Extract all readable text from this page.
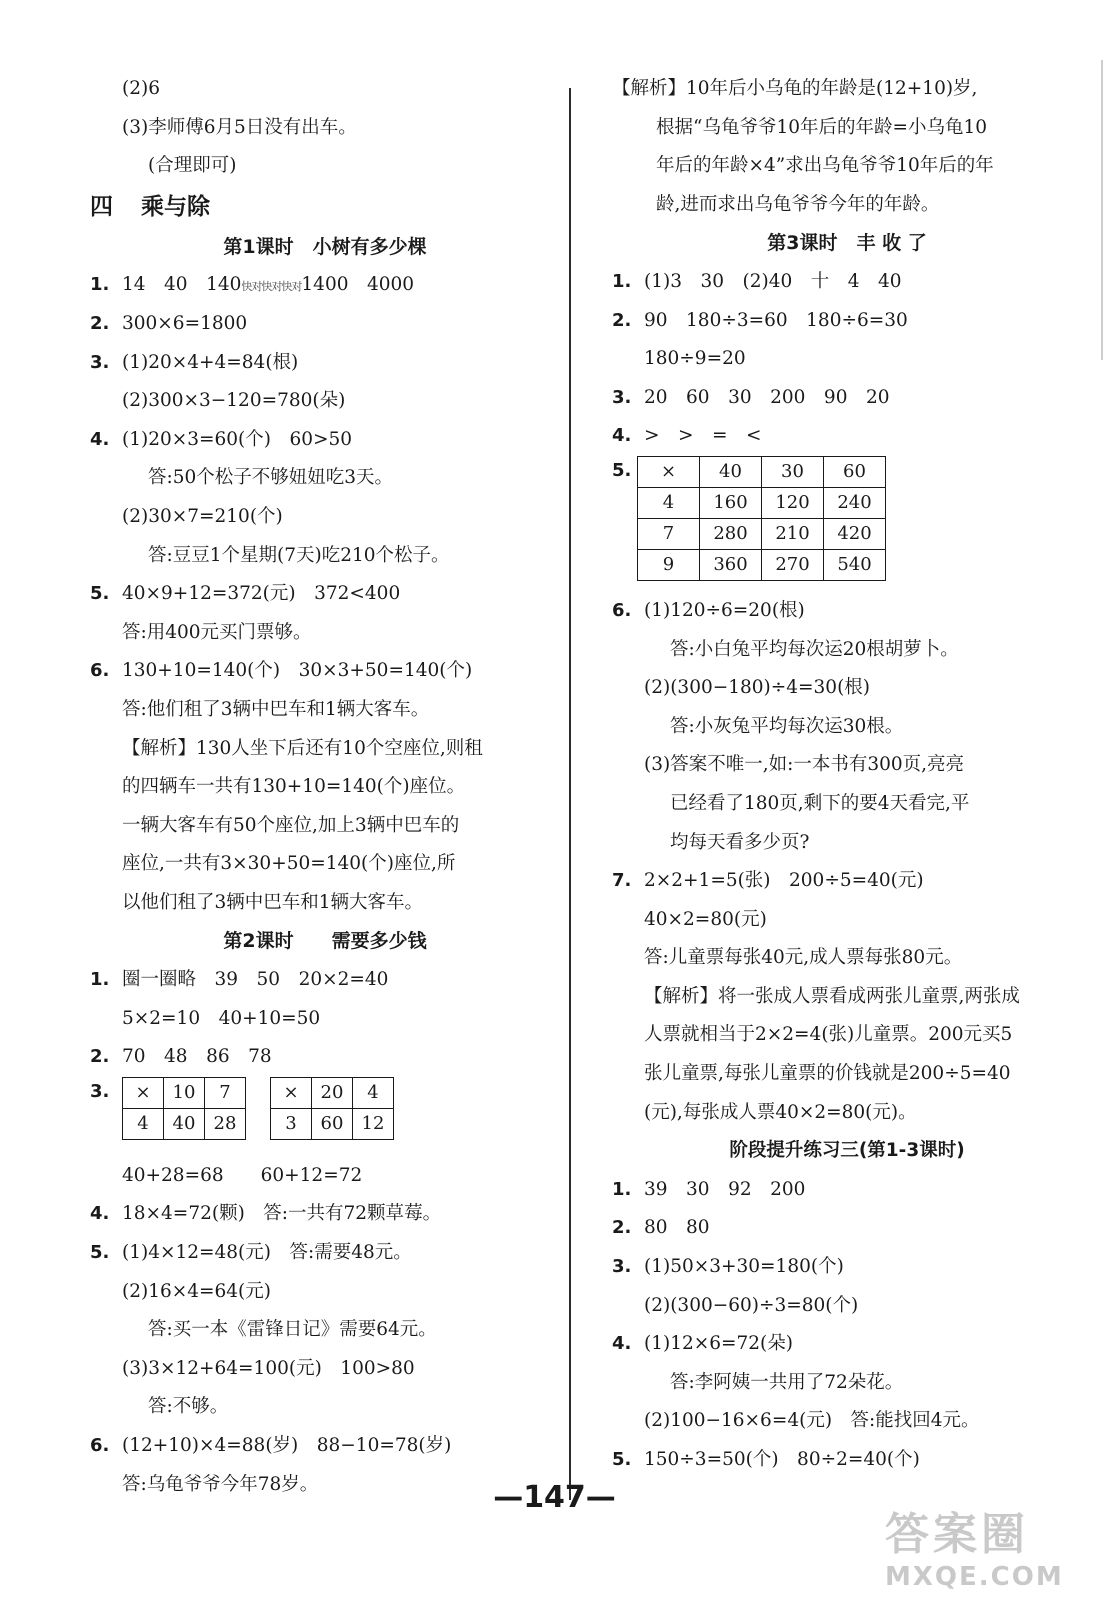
(2)6
(3)李师傅6月5日没有出车。
(合理即可)
四 乘与除
第1课时　小树有多少棵
1. 14　40　140快对快对快对1400　4000
2. 300×6=1800
3. (1)20×4+4=84(根)
(2)300×3−120=780(朵)
4. (1)20×3=60(个)　60>50
答:50个松子不够妞妞吃3天。
(2)30×7=210(个)
答:豆豆1个星期(7天)吃210个松子。
5. 40×9+12=372(元)　372<400
答:用400元买门票够。
6. 130+10=140(个)　30×3+50=140(个)
答:他们租了3辆中巴车和1辆大客车。
【解析】130人坐下后还有10个空座位,则租
的四辆车一共有130+10=140(个)座位。
一辆大客车有50个座位,加上3辆中巴车的
座位,一共有3×30+50=140(个)座位,所
以他们租了3辆中巴车和1辆大客车。
第2课时　　需要多少钱
1. 圈一圈略　39　50　20×2=40
5×2=10　40+10=50
2. 70　48　86　78
3.	×	10	7
4	40	28
×	20	4
3	60	12
40+28=68　　60+12=72
4. 18×4=72(颗)　答:一共有72颗草莓。
5. (1)4×12=48(元)　答:需要48元。
(2)16×4=64(元)
答:买一本《雷锋日记》需要64元。
(3)3×12+64=100(元)　100>80
答:不够。
6. (12+10)×4=88(岁)　88−10=78(岁)
答:乌龟爷爷今年78岁。
【解析】10年后小乌龟的年龄是(12+10)岁,
根据“乌龟爷爷10年后的年龄=小乌龟10
年后的年龄×4”求出乌龟爷爷10年后的年
龄,进而求出乌龟爷爷今年的年龄。
第3课时　丰 收 了
1. (1)3　30　(2)40　十　4　40
2. 90　180÷3=60　180÷6=30
180÷9=20
3. 20　60　30　200　90　20
4. >　>　=　<
5.	×	40	30	60
4	160	120	240
7	280	210	420
9	360	270	540
6. (1)120÷6=20(根)
答:小白兔平均每次运20根胡萝卜。
(2)(300−180)÷4=30(根)
答:小灰兔平均每次运30根。
(3)答案不唯一,如:一本书有300页,亮亮
已经看了180页,剩下的要4天看完,平
均每天看多少页?
7. 2×2+1=5(张)　200÷5=40(元)
40×2=80(元)
答:儿童票每张40元,成人票每张80元。
【解析】将一张成人票看成两张儿童票,两张成
人票就相当于2×2=4(张)儿童票。200元买5
张儿童票,每张儿童票的价钱就是200÷5=40
(元),每张成人票40×2=80(元)。
阶段提升练习三(第1-3课时)
1. 39　30　92　200
2. 80　80
3. (1)50×3+30=180(个)
(2)(300−60)÷3=80(个)
4. (1)12×6=72(朵)
答:李阿姨一共用了72朵花。
(2)100−16×6=4(元)　答:能找回4元。
5. 150÷3=50(个)　80÷2=40(个)
—147—
答案圈
MXQE.COM
